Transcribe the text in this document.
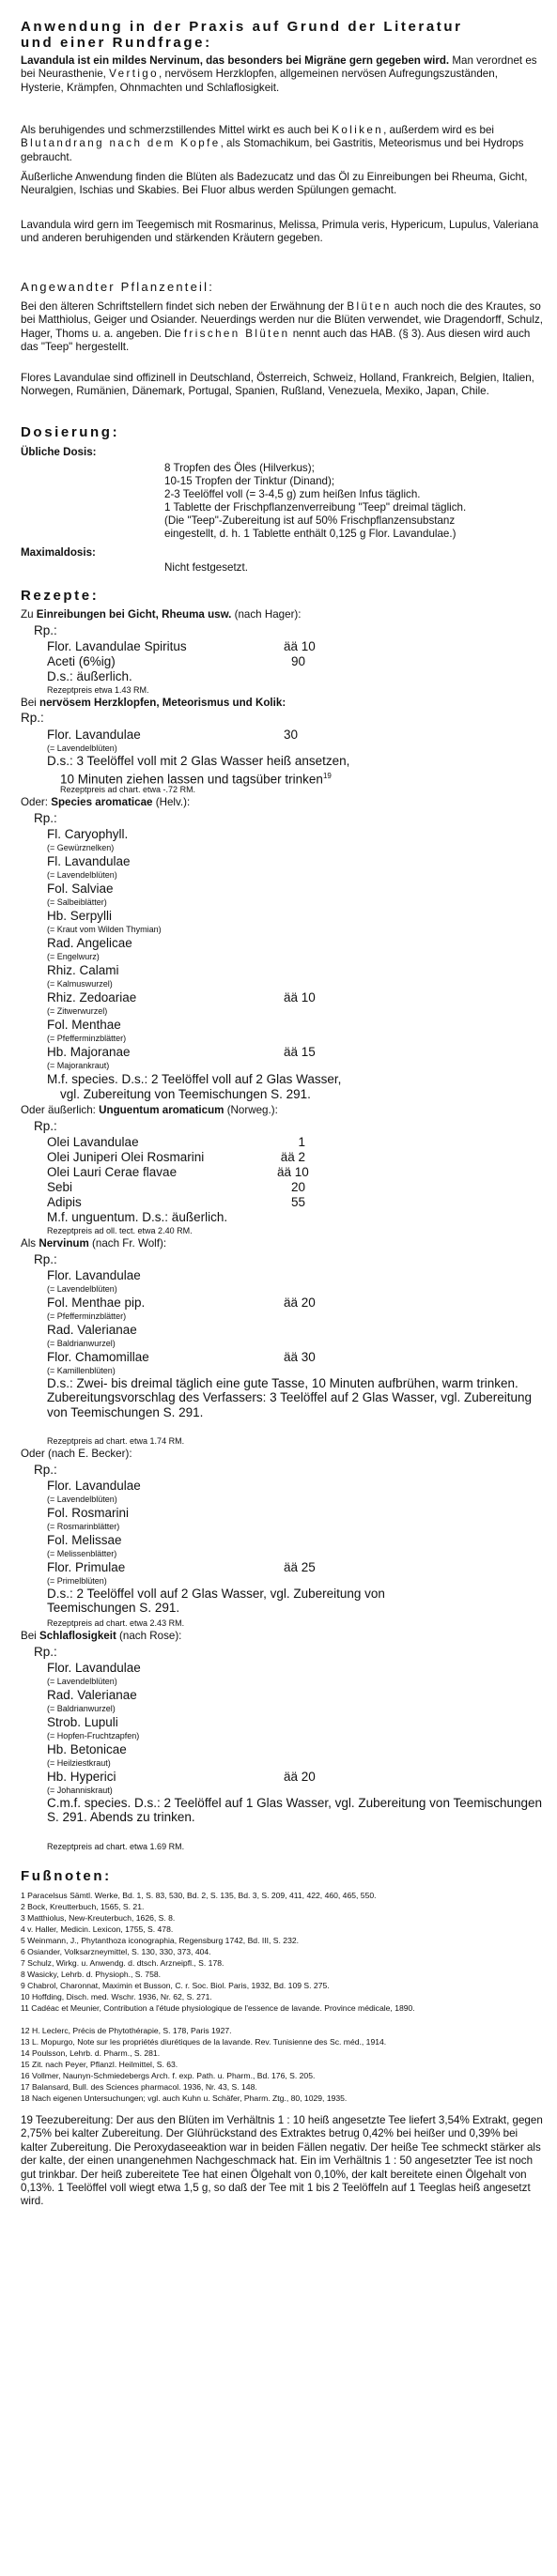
Anwendung in der Praxis auf Grund der Literatur
und einer Rundfrage:
Lavandula ist ein mildes Nervinum, das besonders bei Migräne gern gegeben wird. Man verordnet es bei Neurasthenie, Vertigo, nervösem Herzklopfen, allgemeinen nervösen Aufregungszuständen, Hysterie, Krämpfen, Ohnmachten und Schlaflosigkeit.
Als beruhigendes und schmerzstillendes Mittel wirkt es auch bei Koliken, außerdem wird es bei Blutandrang nach dem Kopfe, als Stomachikum, bei Gastritis, Meteorismus und bei Hydrops gebraucht.
Äußerliche Anwendung finden die Blüten als Badezucatz und das Öl zu Einreibungen bei Rheuma, Gicht, Neuralgien, Ischias und Skabies. Bei Fluor albus werden Spülungen gemacht.
Lavandula wird gern im Teegemisch mit Rosmarinus, Melissa, Primula veris, Hypericum, Lupulus, Valeriana und anderen beruhigenden und stärkenden Kräutern gegeben.
Angewandter Pflanzenteil:
Bei den älteren Schriftstellern findet sich neben der Erwähnung der Blüten auch noch die des Krautes, so bei Matthiolus, Geiger und Osiander. Neuerdings werden nur die Blüten verwendet, wie Dragendorff, Schulz, Hager, Thoms u. a. angeben. Die frischen Blüten nennt auch das HAB. (§ 3). Aus diesen wird auch das "Teep" hergestellt.
Flores Lavandulae sind offizinell in Deutschland, Österreich, Schweiz, Holland, Frankreich, Belgien, Italien, Norwegen, Rumänien, Dänemark, Portugal, Spanien, Rußland, Venezuela, Mexiko, Japan, Chile.
Dosierung:
Übliche Dosis:
8 Tropfen des Öles (Hilverkus);
10-15 Tropfen der Tinktur (Dinand);
2-3 Teelöffel voll (= 3-4,5 g) zum heißen Infus täglich.
1 Tablette der Frischpflanzenverreibung "Teep" dreimal täglich.
(Die "Teep"-Zubereitung ist auf 50% Frischpflanzensubstanz
eingestellt, d. h. 1 Tablette enthält 0,125 g Flor. Lavandulae.)
Maximaldosis:
Nicht festgesetzt.
Rezepte:
Zu Einreibungen bei Gicht, Rheuma usw. (nach Hager):
Rp.:
Flor. Lavandulae Spiritus	ää 10
Aceti (6%ig)	90
D.s.: äußerlich.
Rezeptpreis etwa 1.43 RM.
Bei nervösem Herzklopfen, Meteorismus und Kolik:
Rp.:
Flor. Lavandulae	30
(= Lavendelblüten)
D.s.: 3 Teelöffel voll mit 2 Glas Wasser heiß ansetzen,
10 Minuten ziehen lassen und tagsüber trinken$^{19}$
Rezeptpreis ad chart. etwa -.72 RM.
Oder: Species aromaticae (Helv.):
Rp.:
Fl. Caryophyll.
(= Gewürznelken)
Fl. Lavandulae
(= Lavendelblüten)
Fol. Salviae
(= Salbeiblätter)
Hb. Serpylli
(= Kraut vom Wilden Thymian)
Rad. Angelicae
(= Engelwurz)
Rhiz. Calami
(= Kalmuswurzel)
Rhiz. Zedoariae	ää 10
(= Zitwerwurzel)
Fol. Menthae
(= Pfefferminzblätter)
Hb. Majoranae	ää 15
(= Majorankraut)
M.f. species. D.s.: 2 Teelöffel voll auf 2 Glas Wasser,
vgl. Zubereitung von Teemischungen S. 291.
Oder äußerlich: Unguentum aromaticum (Norweg.):
Rp.:
Olei Lavandulae	1
Olei Juniperi Olei Rosmarini	ää 2
Olei Lauri Cerae flavae	ää 10
Sebi	20
Adipis	55
M.f. unguentum. D.s.: äußerlich.
Rezeptpreis ad oll. tect. etwa 2.40 RM.
Als Nervinum (nach Fr. Wolf):
Rp.:
Flor. Lavandulae
(= Lavendelblüten)
Fol. Menthae pip.	ää 20
(= Pfefferminzblätter)
Rad. Valerianae
(= Baldrianwurzel)
Flor. Chamomillae	ää 30
(= Kamillenblüten)
D.s.: Zwei- bis dreimal täglich eine gute Tasse, 10 Minuten aufbrühen, warm trinken. Zubereitungsvorschlag des Verfassers: 3 Teelöffel auf 2 Glas Wasser, vgl. Zubereitung von Teemischungen S. 291.
Rezeptpreis ad chart. etwa 1.74 RM.
Oder (nach E. Becker):
Rp.:
Flor. Lavandulae
(= Lavendelblüten)
Fol. Rosmarini
(= Rosmarinblätter)
Fol. Melissae
(= Melissenblätter)
Flor. Primulae	ää 25
(= Primelblüten)
D.s.: 2 Teelöffel voll auf 2 Glas Wasser, vgl. Zubereitung von Teemischungen S. 291.
Rezeptpreis ad chart. etwa 2.43 RM.
Bei Schlaflosigkeit (nach Rose):
Rp.:
Flor. Lavandulae
(= Lavendelblüten)
Rad. Valerianae
(= Baldrianwurzel)
Strob. Lupuli
(= Hopfen-Fruchtzapfen)
Hb. Betonicae
(= Heilziestkraut)
Hb. Hyperici	ää 20
(= Johanniskraut)
C.m.f. species. D.s.: 2 Teelöffel auf 1 Glas Wasser, vgl. Zubereitung von Teemischungen S. 291. Abends zu trinken.
Rezeptpreis ad chart. etwa 1.69 RM.
Fußnoten:
1 Paracelsus Sämtl. Werke, Bd. 1, S. 83, 530, Bd. 2, S. 135, Bd. 3, S. 209, 411, 422, 460, 465, 550.
2 Bock, Kreutterbuch, 1565, S. 21.
3 Matthiolus, New-Kreuterbuch, 1626, S. 8.
4 v. Haller, Medicin. Lexicon, 1755, S. 478.
5 Weinmann, J., Phytanthoza iconographia, Regensburg 1742, Bd. III, S. 232.
6 Osiander, Volksarzneymittel, S. 130, 330, 373, 404.
7 Schulz, Wirkg. u. Anwendg. d. dtsch. Arzneipfl., S. 178.
8 Wasicky, Lehrb. d. Physioph., S. 758.
9 Chabrol, Charonnat, Maximin et Busson, C. r. Soc. Biol. Paris, 1932, Bd. 109 S. 275.
10 Hoffding, Disch. med. Wschr. 1936, Nr. 62, S. 271.
11 Cadéac et Meunier, Contribution a l'étude physiologique de l'essence de lavande. Province médicale, 1890.
12 H. Leclerc, Précis de Phytothérapie, S. 178, Paris 1927.
13 L. Mopurgo, Note sur les propriétés diurétiques de la lavande. Rev. Tunisienne des Sc. méd., 1914.
14 Poulsson, Lehrb. d. Pharm., S. 281.
15 Zit. nach Peyer, Pflanzl. Heilmittel, S. 63.
16 Vollmer, Naunyn-Schmiedebergs Arch. f. exp. Path. u. Pharm., Bd. 176, S. 205.
17 Balansard, Bull. des Sciences pharmacol. 1936, Nr. 43, S. 148.
18 Nach eigenen Untersuchungen; vgl. auch Kuhn u. Schäfer, Pharm. Ztg., 80, 1029, 1935.
19 Teezubereitung: Der aus den Blüten im Verhältnis 1 : 10 heiß angesetzte Tee liefert 3,54% Extrakt, gegen 2,75% bei kalter Zubereitung. Der Glührückstand des Extraktes betrug 0,42% bei heißer und 0,39% bei kalter Zubereitung. Die Peroxydaseeaktion war in beiden Fällen negativ. Der heiße Tee schmeckt stärker als der kalte, der einen unangenehmen Nachgeschmack hat. Ein im Verhältnis 1 : 50 angesetzter Tee ist noch gut trinkbar. Der heiß zubereitete Tee hat einen Ölgehalt von 0,10%, der kalt bereitete einen Ölgehalt von 0,13%. 1 Teelöffel voll wiegt etwa 1,5 g, so daß der Tee mit 1 bis 2 Teelöffeln auf 1 Teeglas heiß angesetzt wird.
